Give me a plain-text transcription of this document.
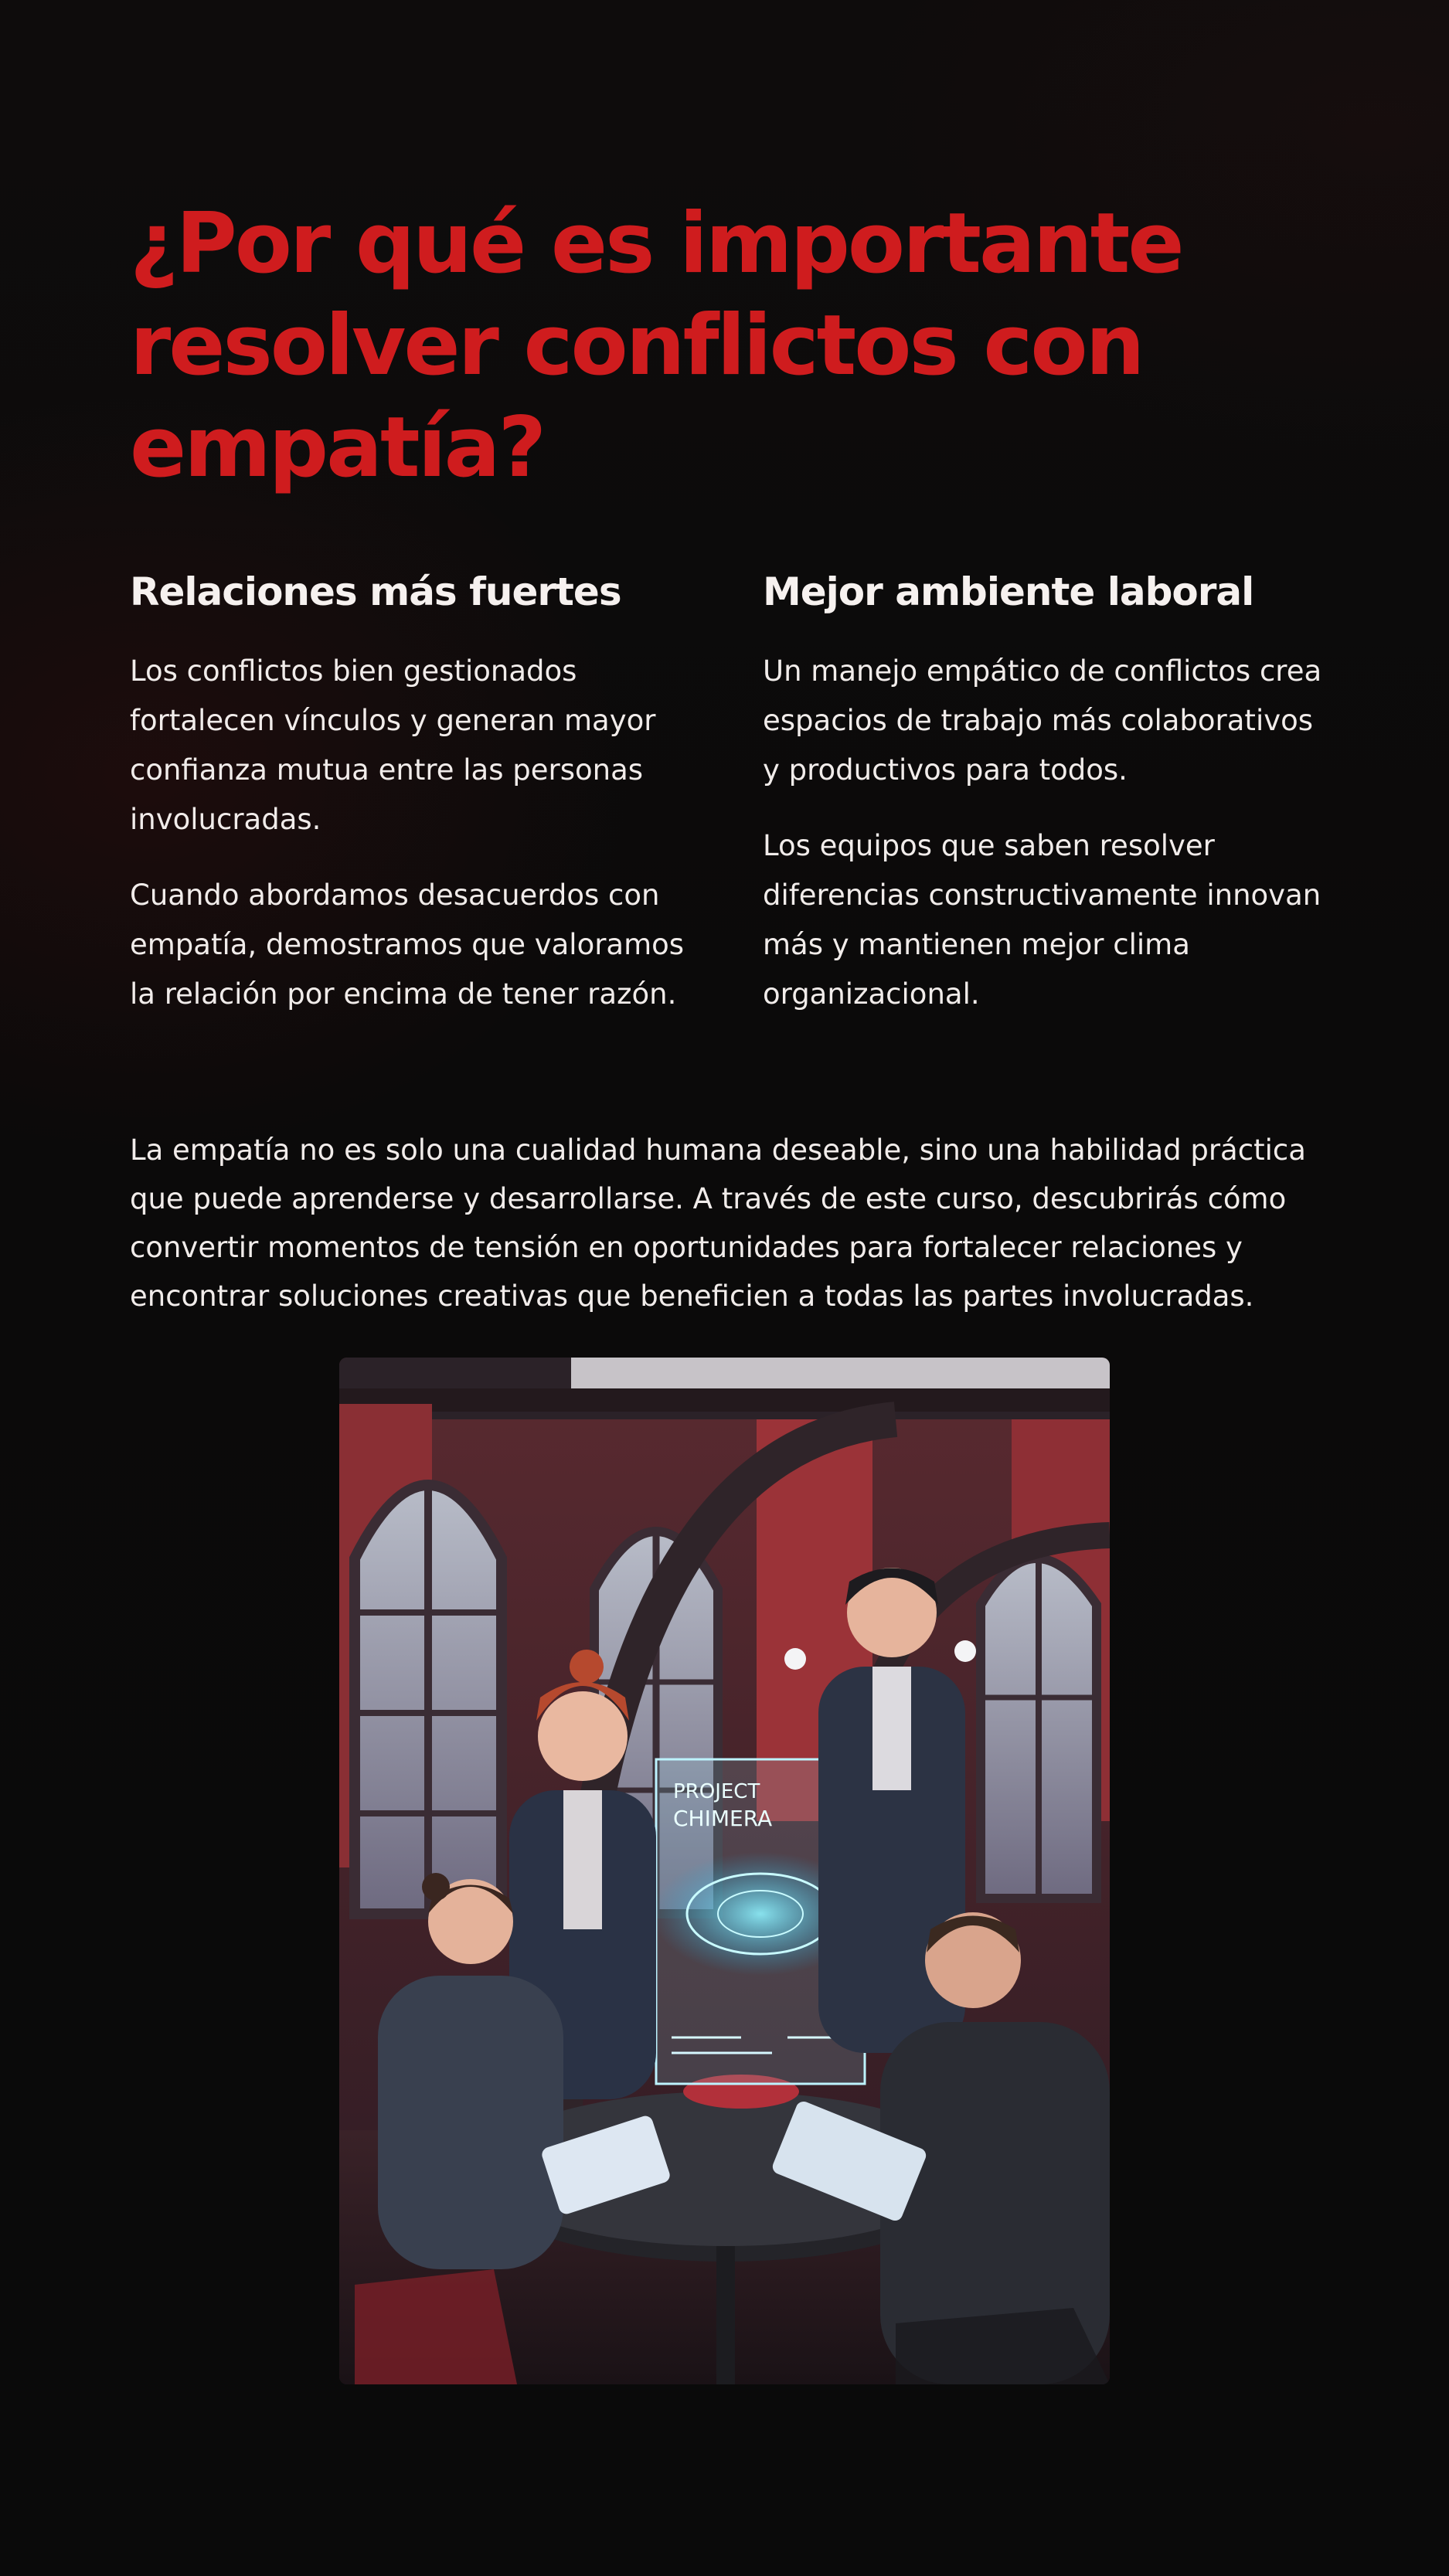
¿Por qué es importante resolver conflictos con empatía?
Relaciones más fuertes

Los conflictos bien gestionados fortalecen vínculos y generan mayor confianza mutua entre las personas involucradas.

Cuando abordamos desacuerdos con empatía, demostramos que valoramos la relación por encima de tener razón.

Mejor ambiente laboral

Un manejo empático de conflictos crea espacios de trabajo más colaborativos y productivos para todos.

Los equipos que saben resolver diferencias constructivamente innovan más y mantienen mejor clima organizacional.

La empatía no es solo una cualidad humana deseable, sino una habilidad práctica que puede aprenderse y desarrollarse. A través de este curso, descubrirás cómo convertir momentos de tensión en oportunidades para fortalecer relaciones y encontrar soluciones creativas que beneficien a todas las partes involucradas.

PROJECT
CHIMERA
